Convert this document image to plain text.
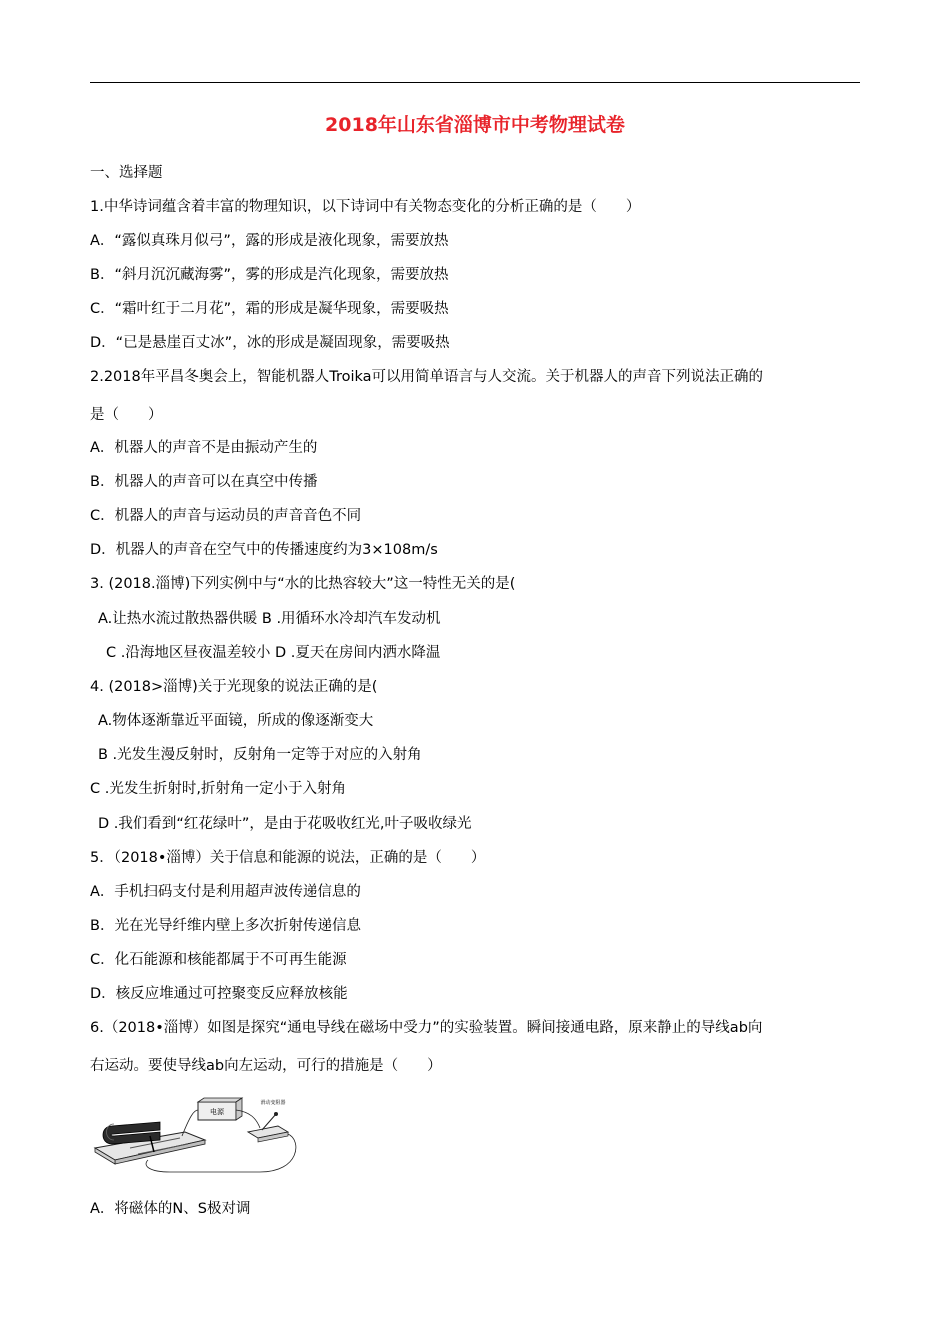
2018年山东省淄博市中考物理试卷
一、选择题
1.中华诗词蕴含着丰富的物理知识，以下诗词中有关物态变化的分析正确的是（　　）
A．“露似真珠月似弓”，露的形成是液化现象，需要放热
B．“斜月沉沉藏海雾”，雾的形成是汽化现象，需要放热
C．“霜叶红于二月花”，霜的形成是凝华现象，需要吸热
D．“已是悬崖百丈冰”，冰的形成是凝固现象，需要吸热
2.2018年平昌冬奥会上，智能机器人Troika可以用简单语言与人交流。关于机器人的声音下列说法正确的
是（　　）
A．机器人的声音不是由振动产生的
B．机器人的声音可以在真空中传播
C．机器人的声音与运动员的声音音色不同
D．机器人的声音在空气中的传播速度约为3×108m/s
3. (2018.淄博)下列实例中与“水的比热容较大”这一特性无关的是(
A.让热水流过散热器供暖 B .用循环水冷却汽车发动机
C .沿海地区昼夜温差较小 D .夏天在房间内洒水降温
4. (2018>淄博)关于光现象的说法正确的是(
A.物体逐渐靠近平面镜，所成的像逐渐变大
B .光发生漫反射时，反射角一定等于对应的入射角
C .光发生折射时,折射角一定小于入射角
D .我们看到“红花绿叶”，是由于花吸收红光,叶子吸收绿光
5．（2018•淄博）关于信息和能源的说法，正确的是（　　）
A．手机扫码支付是利用超声波传递信息的
B．光在光导纤维内壁上多次折射传递信息
C．化石能源和核能都属于不可再生能源
D．核反应堆通过可控聚变反应释放核能
6.（2018•淄博）如图是探究“通电导线在磁场中受力”的实验装置。瞬间接通电路，原来静止的导线ab向
右运动。要使导线ab向左运动，可行的措施是（　　）
电源
滑动变阻器
A．将磁体的N、S极对调
